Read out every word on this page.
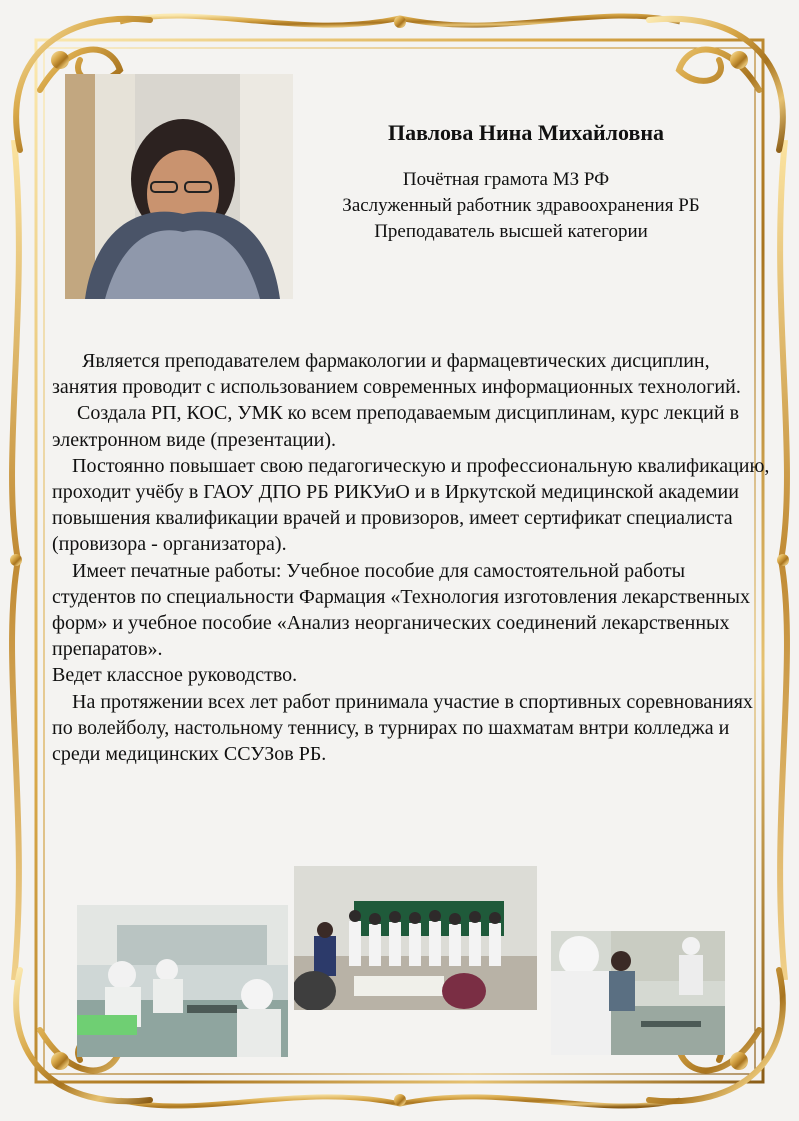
Павлова Нина Михайловна
Почётная грамота МЗ РФ
Заслуженный работник здравоохранения РБ
Преподаватель высшей категории

Является преподавателем фармакологии и фармацевтических дисциплин, занятия проводит с использованием современных информационных технологий.

Создала РП, КОС, УМК ко всем преподаваемым дисциплинам, курс лекций в электронном виде (презентации).

Постоянно повышает свою педагогическую и профессиональную квалификацию, проходит учёбу в ГАОУ ДПО РБ РИКУиО и в Иркутской медицинской академии повышения квалификации врачей и провизоров, имеет сертификат специалиста (провизора - организатора).

Имеет печатные работы: Учебное пособие для самостоятельной работы студентов по специальности Фармация «Технология изготовления лекарственных форм» и учебное пособие «Анализ неорганических соединений лекарственных препаратов».

Ведет классное руководство.

На протяжении всех лет работ принимала участие в спортивных соревнованиях по волейболу, настольному теннису, в турнирах по шахматам внтри колледжа и среди медицинских ССУЗов РБ.
